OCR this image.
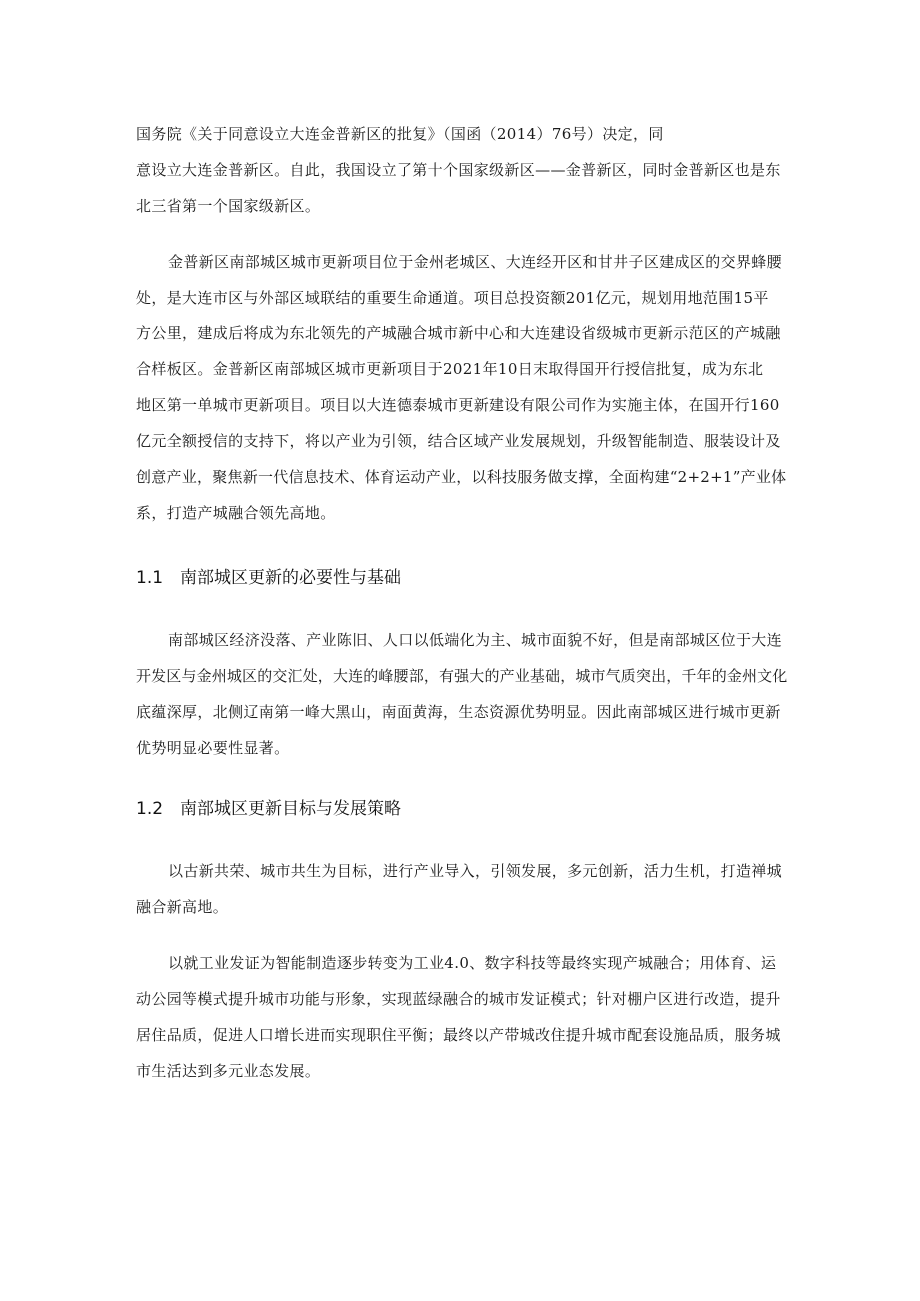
国务院《关于同意设立大连金普新区的批复》（国函（2014）76号）决定，同
意设立大连金普新区。自此，我国设立了第十个国家级新区——金普新区，同时金普新区也是东
北三省第一个国家级新区。
金普新区南部城区城市更新项目位于金州老城区、大连经开区和甘井子区建成区的交界蜂腰
处，是大连市区与外部区域联结的重要生命通道。项目总投资额201亿元，规划用地范围15平
方公里，建成后将成为东北领先的产城融合城市新中心和大连建设省级城市更新示范区的产城融
合样板区。金普新区南部城区城市更新项目于2021年10日末取得国开行授信批复，成为东北
地区第一单城市更新项目。项目以大连德泰城市更新建设有限公司作为实施主体，在国开行160
亿元全额授信的支持下，将以产业为引领，结合区域产业发展规划，升级智能制造、服装设计及
创意产业，聚焦新一代信息技术、体育运动产业，以科技服务做支撑，全面构建“2+2+1”产业体
系，打造产城融合领先高地。
1.1 南部城区更新的必要性与基础
南部城区经济没落、产业陈旧、人口以低端化为主、城市面貌不好，但是南部城区位于大连
开发区与金州城区的交汇处，大连的峰腰部，有强大的产业基础，城市气质突出，千年的金州文化
底蕴深厚，北侧辽南第一峰大黑山，南面黄海，生态资源优势明显。因此南部城区进行城市更新
优势明显必要性显著。
1.2 南部城区更新目标与发展策略
以古新共荣、城市共生为目标，进行产业导入，引领发展，多元创新，活力生机，打造禅城
融合新高地。
以就工业发证为智能制造逐步转变为工业4.0、数字科技等最终实现产城融合；用体育、运
动公园等模式提升城市功能与形象，实现蓝绿融合的城市发证模式；针对棚户区进行改造，提升
居住品质，促进人口增长进而实现职住平衡；最终以产带城改住提升城市配套设施品质，服务城
市生活达到多元业态发展。
